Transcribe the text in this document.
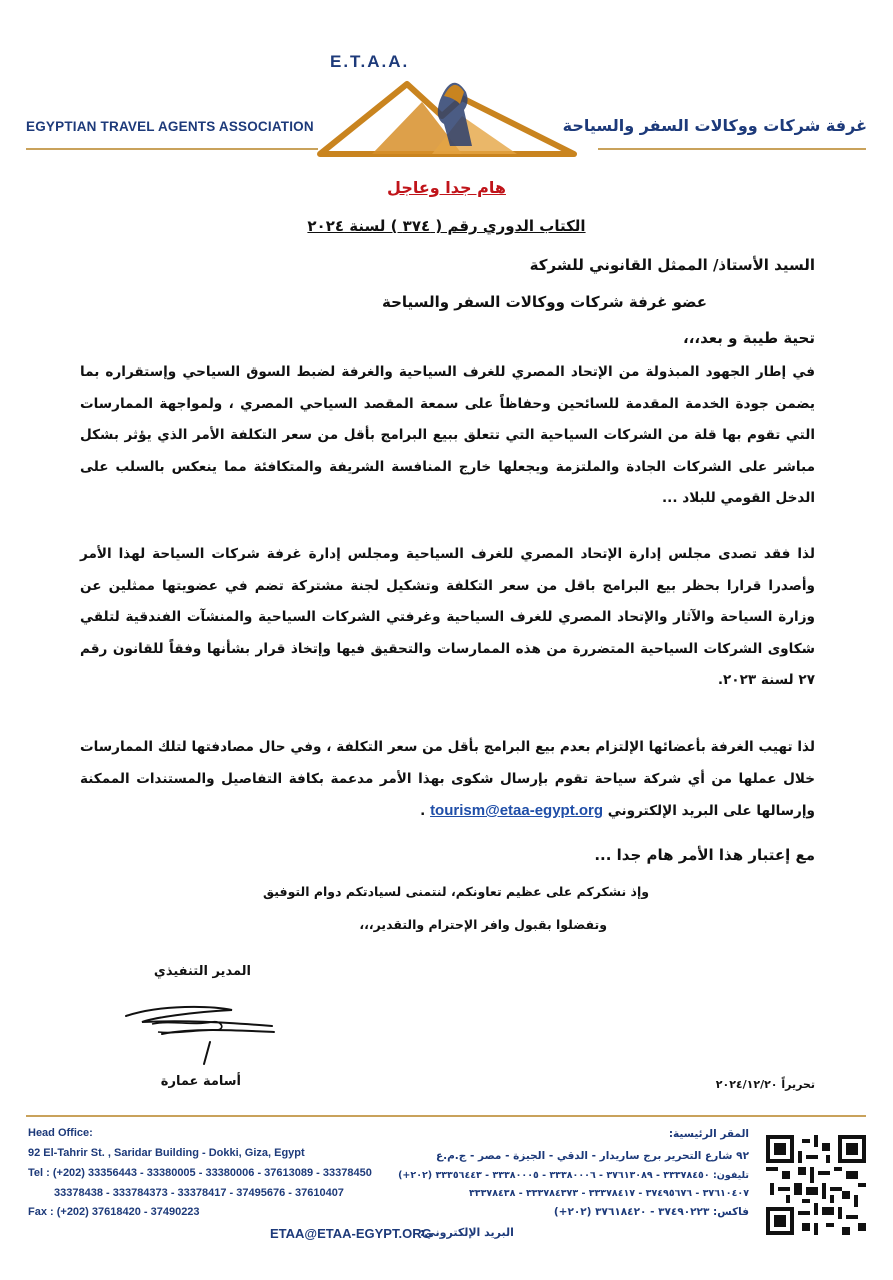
E.T.A.A.
EGYPTIAN TRAVEL AGENTS ASSOCIATION	غرفة شركات ووكالات السفر والسياحة
هام جدا وعاجل
الكتاب الدوري رقم ( ٣٧٤ ) لسنة ٢٠٢٤
السيد الأستاذ/ الممثل القانوني للشركة
عضو غرفة شركات ووكالات السفر والسياحة
تحية طيبة و بعد،،،
في إطار الجهود المبذولة من الإتحاد المصري للغرف السياحية والغرفة لضبط السوق السياحي وإستقراره بما يضمن جودة الخدمة المقدمة للسائحين وحفاظاً على سمعة المقصد السياحي المصري ، ولمواجهة الممارسات التي تقوم بها قلة من الشركات السياحية التي تتعلق ببيع البرامج بأقل من سعر التكلفة الأمر الذي يؤثر بشكل مباشر على الشركات الجادة والملتزمة ويجعلها خارج المنافسة الشريفة والمتكافئة مما ينعكس بالسلب على الدخل القومي للبلاد ...
لذا فقد تصدى مجلس إدارة الإتحاد المصري للغرف السياحية ومجلس إدارة غرفة شركات السياحة لهذا الأمر وأصدرا قرارا بحظر بيع البرامج باقل من سعر التكلفة وتشكيل لجنة مشتركة تضم في عضويتها ممثلين عن وزارة السياحة والآثار والإتحاد المصري للغرف السياحية وغرفتي الشركات السياحية والمنشآت الفندقية لتلقي شكاوى الشركات السياحية المتضررة من هذه الممارسات والتحقيق فيها وإتخاذ قرار بشأنها وفقاً للقانون رقم ٢٧ لسنة ٢٠٢٣.
لذا تهيب الغرفة بأعضائها الإلتزام بعدم بيع البرامج بأقل من سعر التكلفة ، وفي حال مصادفتها لتلك الممارسات خلال عملها من أي شركة سياحة تقوم بإرسال شكوى بهذا الأمر مدعمة بكافة التفاصيل والمستندات الممكنة وإرسالها على البريد الإلكتروني tourism@etaa-egypt.org .
مع إعتبار هذا الأمر هام جدا ...
وإذ نشكركم على عظيم تعاونكم، لنتمنى لسيادتكم دوام التوفيق
وتفضلوا بقبول وافر الإحترام والتقدير،،،
المدير التنفيذي
أسامة عمارة	تحريراً ٢٠٢٤/١٢/٢٠
Head Office:
92 El-Tahrir St. , Saridar Building - Dokki, Giza, Egypt
Tel : (+202) 33356443 - 33380005 - 33380006 - 37613089 - 33378450
33378438 - 333784373 - 33378417 - 37495676 - 37610407
Fax : (+202) 37618420 - 37490223
المقر الرئيسية:
٩٢ شارع التحرير برج ساريدار - الدقي - الجيزة - مصر - ج.م.ع
تليفون: ٣٣٣٧٨٤٥٠ - ٣٧٦١٣٠٨٩ - ٣٣٣٨٠٠٠٦ - ٣٣٣٨٠٠٠٥ - ٣٣٣٥٦٤٤٣ (٢٠٢+)
٣٧٦١٠٤٠٧ - ٣٧٤٩٥٦٧٦ - ٣٣٣٧٨٤١٧ - ٣٣٣٧٨٤٣٧٣ - ٣٣٣٧٨٤٣٨
فاكس: ٣٧٤٩٠٢٢٣ - ٣٧٦١٨٤٢٠ (٢٠٢+)
ETAA@ETAA-EGYPT.ORG
البريد الإلكتروني:
